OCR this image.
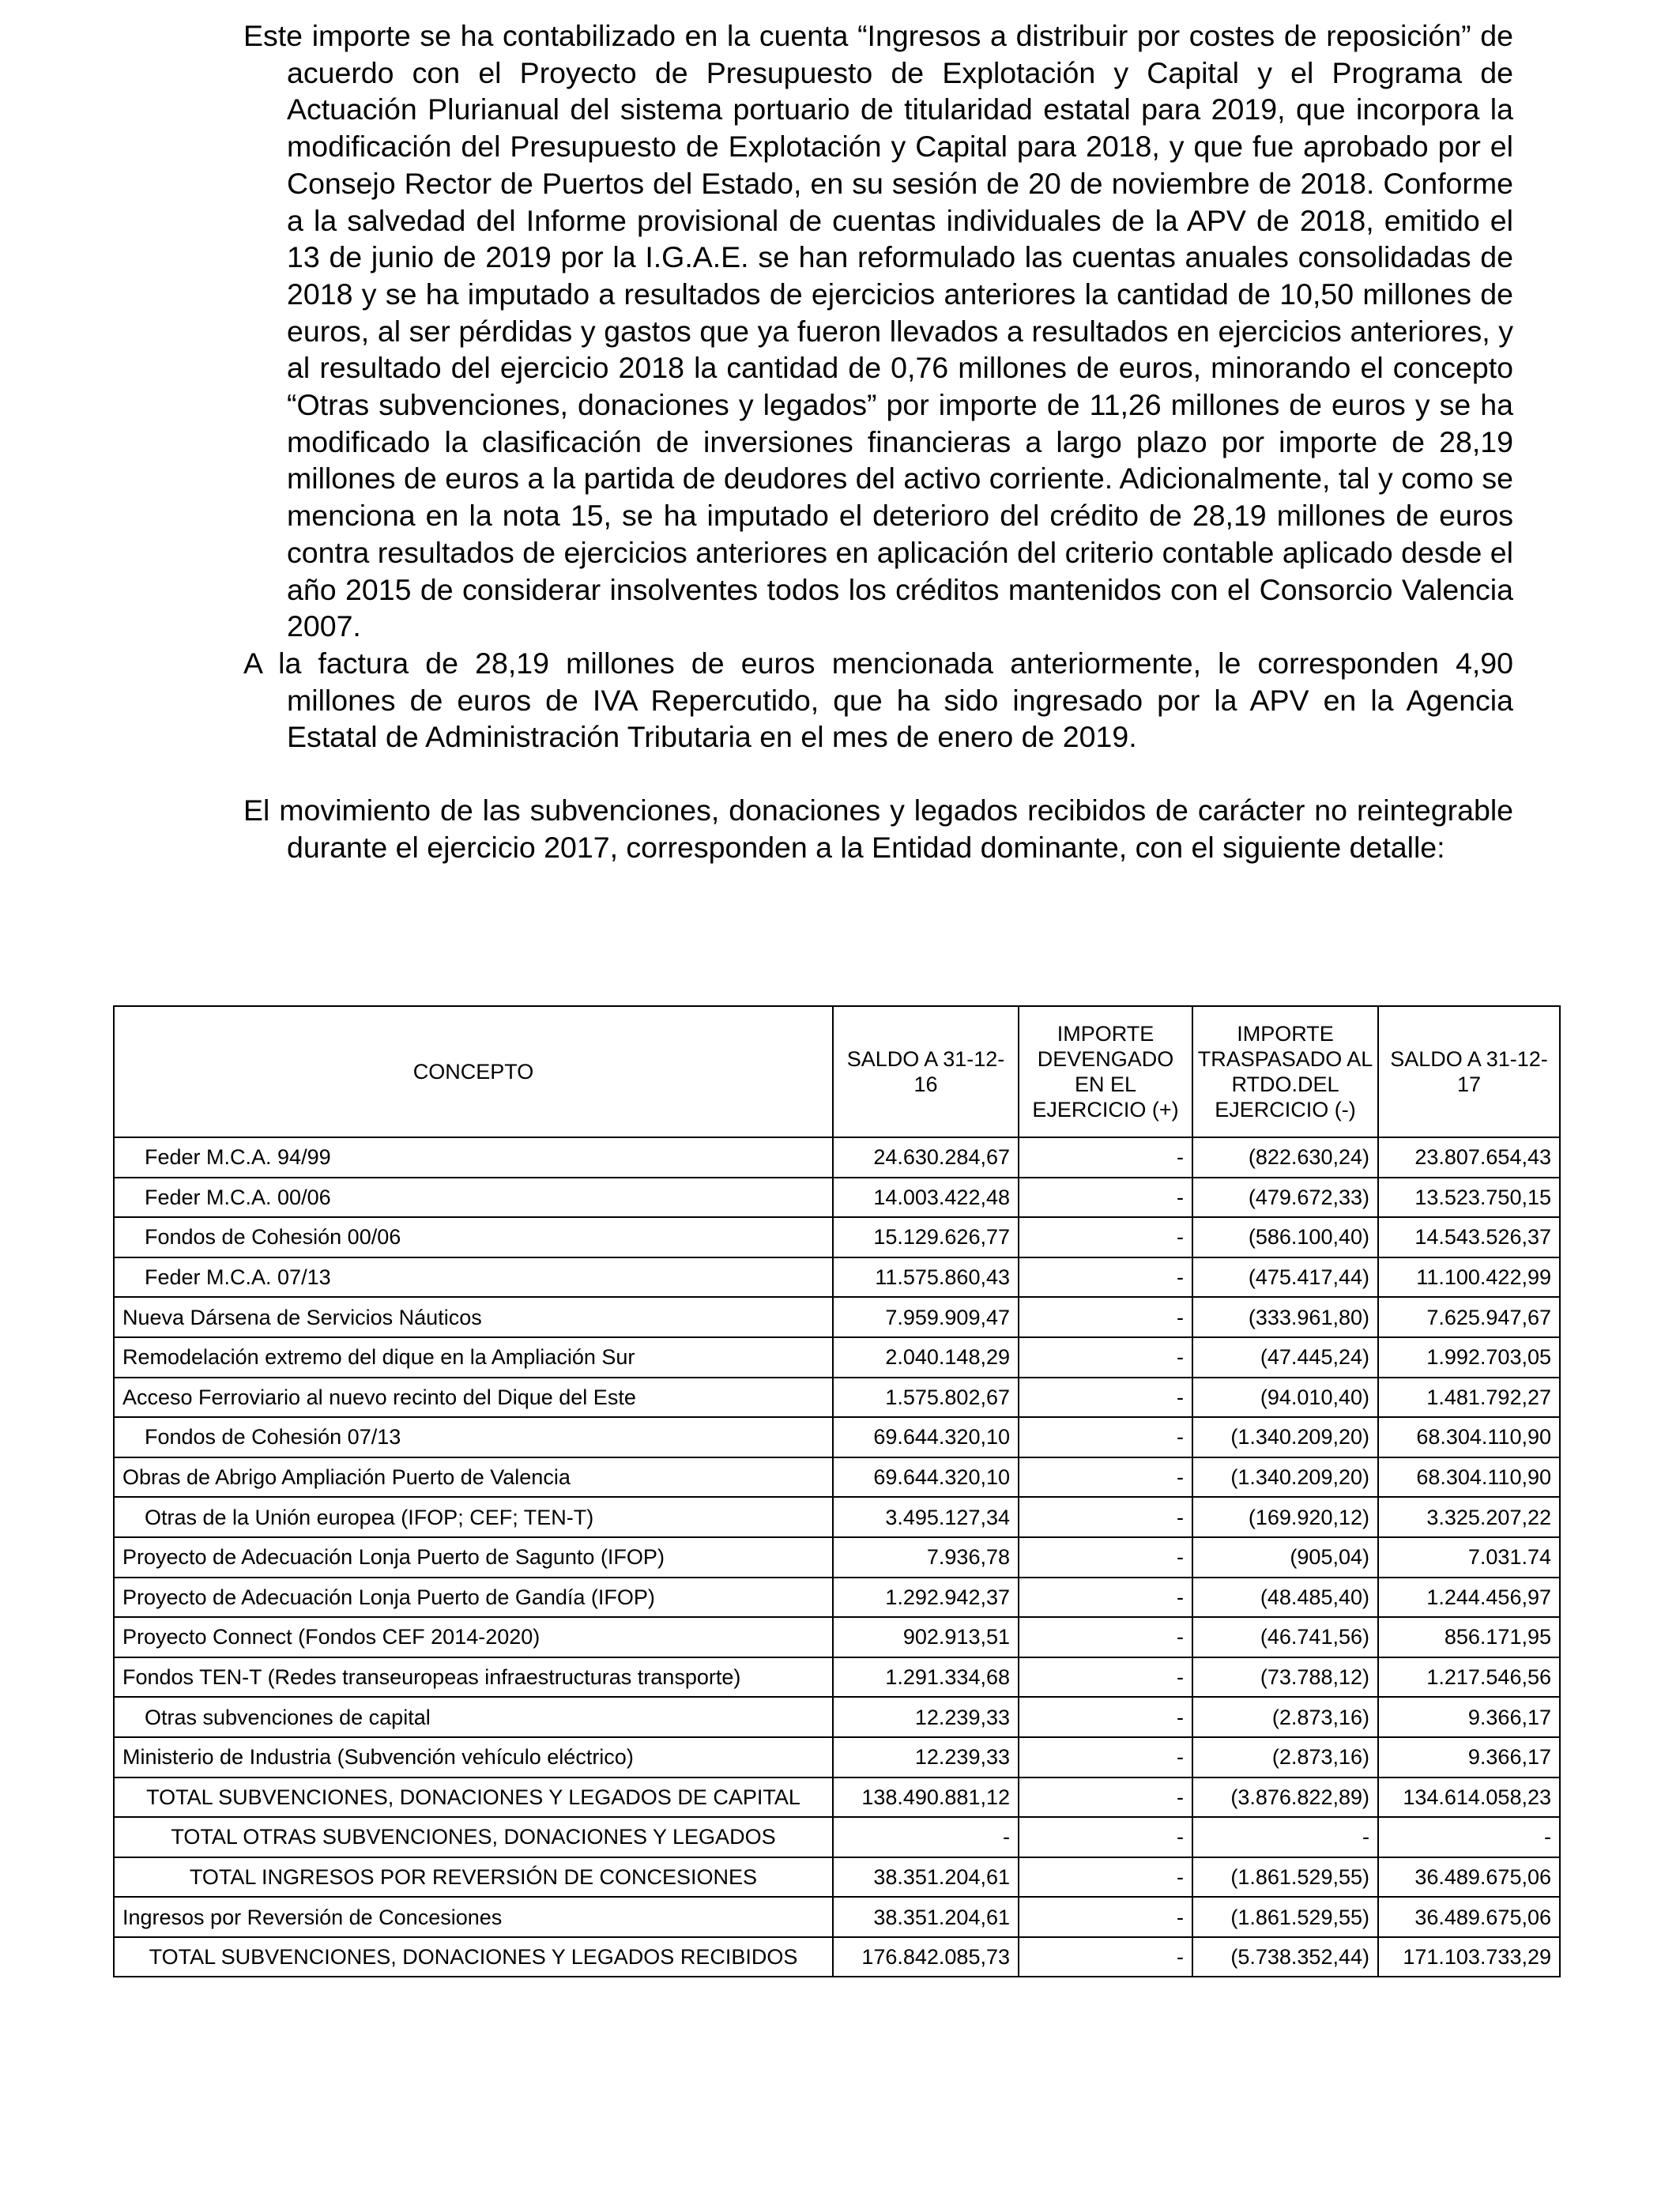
Este importe se ha contabilizado en la cuenta “Ingresos a distribuir por costes de reposición” de acuerdo con el Proyecto de Presupuesto de Explotación y Capital y el Programa de Actuación Plurianual del sistema portuario de titularidad estatal para 2019, que incorpora la modificación del Presupuesto de Explotación y Capital para 2018, y que fue aprobado por el Consejo Rector de Puertos del Estado, en su sesión de 20 de noviembre de 2018. Conforme a la salvedad del Informe provisional de cuentas individuales de la APV de 2018, emitido el 13 de junio de 2019 por la I.G.A.E. se han reformulado las cuentas anuales consolidadas de 2018 y se ha imputado a resultados de ejercicios anteriores la cantidad de 10,50 millones de euros, al ser pérdidas y gastos que ya fueron llevados a resultados en ejercicios anteriores, y al resultado del ejercicio 2018 la cantidad de 0,76 millones de euros, minorando el concepto “Otras subvenciones, donaciones y legados” por importe de 11,26 millones de euros y se ha modificado la clasificación de inversiones financieras a largo plazo por importe de 28,19 millones de euros a la partida de deudores del activo corriente. Adicionalmente, tal y como se menciona en la nota 15, se ha imputado el deterioro del crédito de 28,19 millones de euros contra resultados de ejercicios anteriores en aplicación del criterio contable aplicado desde el año 2015 de considerar insolventes todos los créditos mantenidos con el Consorcio Valencia 2007.

A la factura de 28,19 millones de euros mencionada anteriormente, le corresponden 4,90 millones de euros de IVA Repercutido, que ha sido ingresado por la APV en la Agencia Estatal de Administración Tributaria en el mes de enero de 2019.

El movimiento de las subvenciones, donaciones y legados recibidos de carácter no reintegrable durante el ejercicio 2017, corresponden a la Entidad dominante, con el siguiente detalle:

CONCEPTO	SALDO A 31-12-16	IMPORTE DEVENGADO EN EL EJERCICIO (+)	IMPORTE TRASPASADO AL RTDO.DEL EJERCICIO (-)	SALDO A 31-12-17
Feder M.C.A. 94/99	24.630.284,67	-	(822.630,24)	23.807.654,43
Feder M.C.A. 00/06	14.003.422,48	-	(479.672,33)	13.523.750,15
Fondos de Cohesión 00/06	15.129.626,77	-	(586.100,40)	14.543.526,37
Feder M.C.A. 07/13	11.575.860,43	-	(475.417,44)	11.100.422,99
Nueva Dársena de Servicios Náuticos	7.959.909,47	-	(333.961,80)	7.625.947,67
Remodelación extremo del dique en la Ampliación Sur	2.040.148,29	-	(47.445,24)	1.992.703,05
Acceso Ferroviario al nuevo recinto del Dique del Este	1.575.802,67	-	(94.010,40)	1.481.792,27
Fondos de Cohesión 07/13	69.644.320,10	-	(1.340.209,20)	68.304.110,90
Obras de Abrigo Ampliación Puerto de Valencia	69.644.320,10	-	(1.340.209,20)	68.304.110,90
Otras de la Unión europea (IFOP; CEF; TEN-T)	3.495.127,34	-	(169.920,12)	3.325.207,22
Proyecto de Adecuación Lonja Puerto de Sagunto (IFOP)	7.936,78	-	(905,04)	7.031.74
Proyecto de Adecuación Lonja Puerto de Gandía (IFOP)	1.292.942,37	-	(48.485,40)	1.244.456,97
Proyecto Connect (Fondos CEF 2014-2020)	902.913,51	-	(46.741,56)	856.171,95
Fondos TEN-T (Redes transeuropeas infraestructuras transporte)	1.291.334,68	-	(73.788,12)	1.217.546,56
Otras subvenciones de capital	12.239,33	-	(2.873,16)	9.366,17
Ministerio de Industria (Subvención vehículo eléctrico)	12.239,33	-	(2.873,16)	9.366,17
TOTAL SUBVENCIONES, DONACIONES Y LEGADOS DE CAPITAL	138.490.881,12	-	(3.876.822,89)	134.614.058,23
TOTAL OTRAS SUBVENCIONES, DONACIONES Y LEGADOS	-	-	-	-
TOTAL INGRESOS POR REVERSIÓN DE CONCESIONES	38.351.204,61	-	(1.861.529,55)	36.489.675,06
Ingresos por Reversión de Concesiones	38.351.204,61	-	(1.861.529,55)	36.489.675,06
TOTAL SUBVENCIONES, DONACIONES Y LEGADOS RECIBIDOS	176.842.085,73	-	(5.738.352,44)	171.103.733,29
